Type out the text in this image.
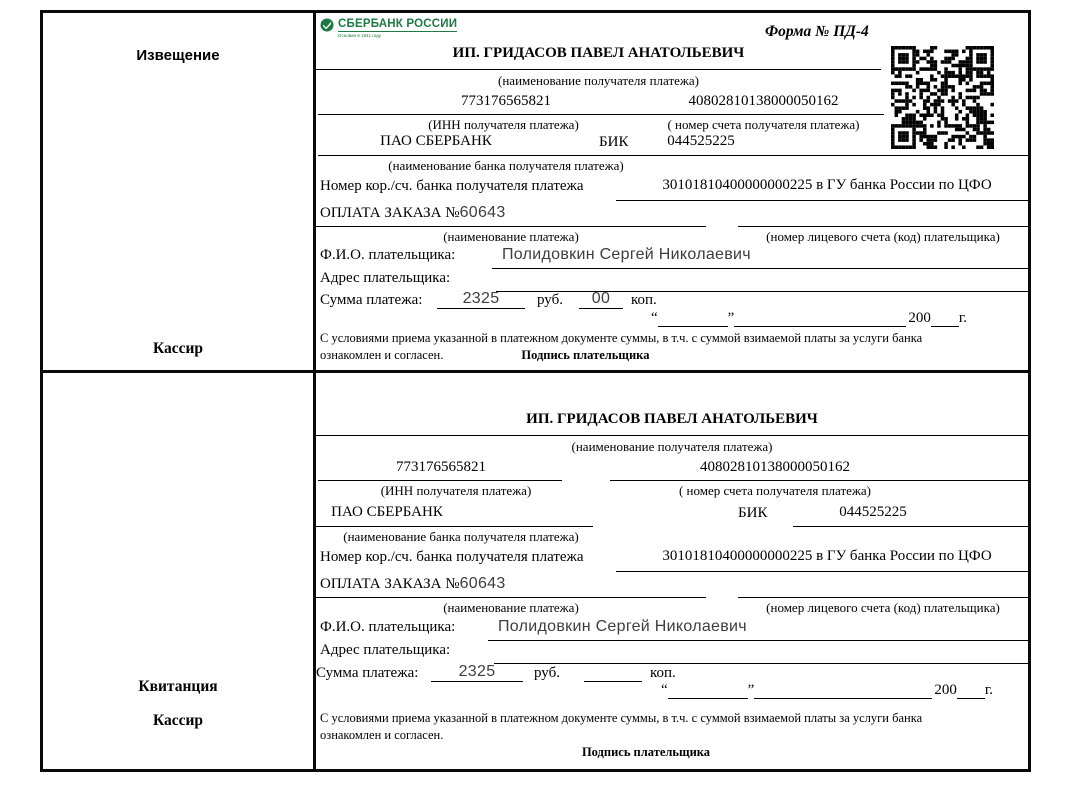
Извещение
Кассир
СБЕРБАНК РОССИИ
Основан в 1841 году	Форма № ПД-4
ИП. ГРИДАСОВ ПАВЕЛ АНАТОЛЬЕВИЧ
(наименование получателя платежа)
773176565821	40802810138000050162
(ИНН получателя платежа)	( номер счета получателя платежа)
ПАО СБЕРБАНК	БИК	044525225
(наименование банка получателя платежа)
Номер кор./сч. банка получателя платежа	30101810400000000225 в ГУ банка России по ЦФО
ОПЛАТА ЗАКАЗА №60643
(наименование платежа)	(номер лицевого счета (код) плательщика)
Ф.И.О. плательщика:	Полидовкин Сергей Николаевич
Адрес плательщика:
Сумма платежа:	2325	руб.	00	коп.
“	”	200 г.
С условиями приема указанной в платежном документе суммы, в т.ч. с суммой взимаемой платы за услуги банка ознакомлен и согласен.	Подпись плательщика
Квитанция
Кассир
ИП. ГРИДАСОВ ПАВЕЛ АНАТОЛЬЕВИЧ
(наименование получателя платежа)
773176565821	40802810138000050162
(ИНН получателя платежа)	( номер счета получателя платежа)
ПАО СБЕРБАНК	БИК	044525225
(наименование банка получателя платежа)
Номер кор./сч. банка получателя платежа	30101810400000000225 в ГУ банка России по ЦФО
ОПЛАТА ЗАКАЗА №60643
(наименование платежа)	(номер лицевого счета (код) плательщика)
Ф.И.О. плательщика:	Полидовкин Сергей Николаевич
Адрес плательщика:
Сумма платежа:	2325	руб.	коп.
“	”	200 г.
С условиями приема указанной в платежном документе суммы, в т.ч. с суммой взимаемой платы за услуги банка ознакомлен и согласен.
Подпись плательщика
